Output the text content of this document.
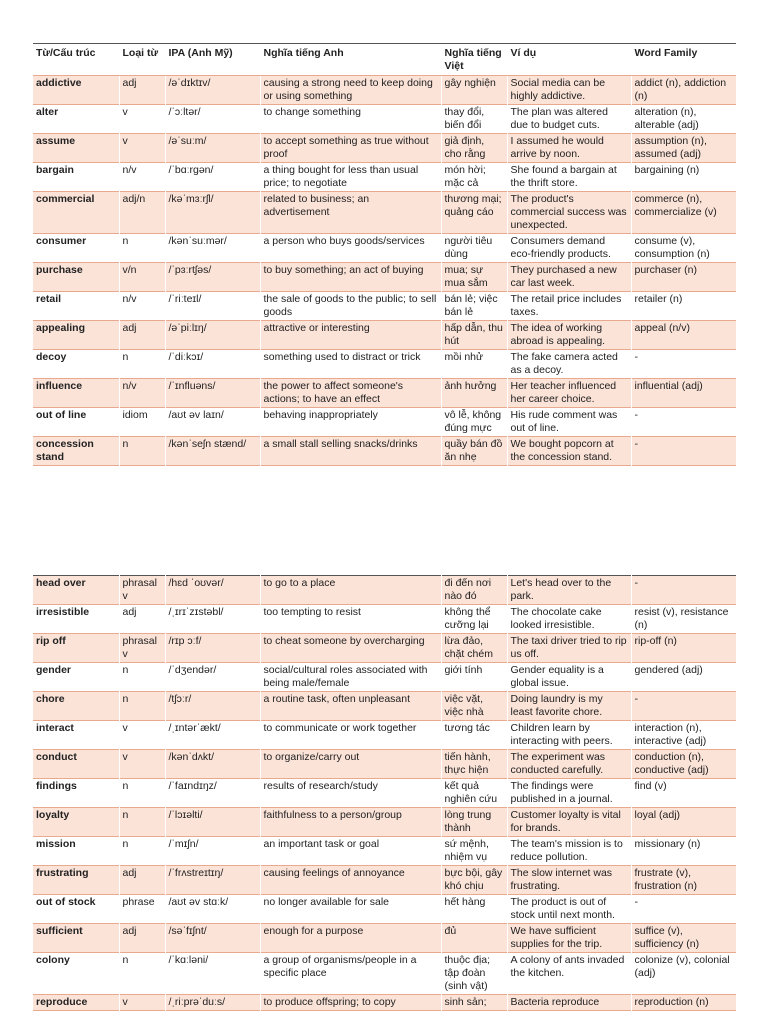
Từ/Cấu trúc	Loại từ	IPA (Anh Mỹ)	Nghĩa tiếng Anh	Nghĩa tiếng Việt	Ví dụ	Word Family
addictive	adj	/əˈdɪktɪv/	causing a strong need to keep doing or using something	gây nghiện	Social media can be highly addictive.	addict (n), addiction (n)
alter	v	/ˈɔːltər/	to change something	thay đổi, biến đổi	The plan was altered due to budget cuts.	alteration (n), alterable (adj)
assume	v	/əˈsuːm/	to accept something as true without proof	giả định, cho rằng	I assumed he would arrive by noon.	assumption (n), assumed (adj)
bargain	n/v	/ˈbɑːrgən/	a thing bought for less than usual price; to negotiate	món hời; mặc cả	She found a bargain at the thrift store.	bargaining (n)
commercial	adj/n	/kəˈmɜːrʃl/	related to business; an advertisement	thương mại; quảng cáo	The product's commercial success was unexpected.	commerce (n), commercialize (v)
consumer	n	/kənˈsuːmər/	a person who buys goods/services	người tiêu dùng	Consumers demand eco-friendly products.	consume (v), consumption (n)
purchase	v/n	/ˈpɜːrtʃəs/	to buy something; an act of buying	mua; sự mua sắm	They purchased a new car last week.	purchaser (n)
retail	n/v	/ˈriːteɪl/	the sale of goods to the public; to sell goods	bán lẻ; việc bán lẻ	The retail price includes taxes.	retailer (n)
appealing	adj	/əˈpiːlɪŋ/	attractive or interesting	hấp dẫn, thu hút	The idea of working abroad is appealing.	appeal (n/v)
decoy	n	/ˈdiːkɔɪ/	something used to distract or trick	mồi nhử	The fake camera acted as a decoy.	-
influence	n/v	/ˈɪnfluəns/	the power to affect someone's actions; to have an effect	ảnh hưởng	Her teacher influenced her career choice.	influential (adj)
out of line	idiom	/aʊt əv laɪn/	behaving inappropriately	vô lễ, không đúng mực	His rude comment was out of line.	-
concession stand	n	/kənˈseʃn stænd/	a small stall selling snacks/drinks	quầy bán đồ ăn nhẹ	We bought popcorn at the concession stand.	-
head over	phrasal v	/hɛd ˈoʊvər/	to go to a place	đi đến nơi nào đó	Let's head over to the park.	-
irresistible	adj	/ˌɪrɪˈzɪstəbl/	too tempting to resist	không thể cưỡng lại	The chocolate cake looked irresistible.	resist (v), resistance (n)
rip off	phrasal v	/rɪp ɔːf/	to cheat someone by overcharging	lừa đảo, chặt chém	The taxi driver tried to rip us off.	rip-off (n)
gender	n	/ˈdʒendər/	social/cultural roles associated with being male/female	giới tính	Gender equality is a global issue.	gendered (adj)
chore	n	/tʃɔːr/	a routine task, often unpleasant	việc vặt, việc nhà	Doing laundry is my least favorite chore.	-
interact	v	/ˌɪntərˈækt/	to communicate or work together	tương tác	Children learn by interacting with peers.	interaction (n), interactive (adj)
conduct	v	/kənˈdʌkt/	to organize/carry out	tiến hành, thực hiện	The experiment was conducted carefully.	conduction (n), conductive (adj)
findings	n	/ˈfaɪndɪŋz/	results of research/study	kết quả nghiên cứu	The findings were published in a journal.	find (v)
loyalty	n	/ˈlɔɪəlti/	faithfulness to a person/group	lòng trung thành	Customer loyalty is vital for brands.	loyal (adj)
mission	n	/ˈmɪʃn/	an important task or goal	sứ mệnh, nhiệm vụ	The team's mission is to reduce pollution.	missionary (n)
frustrating	adj	/ˈfrʌstreɪtɪŋ/	causing feelings of annoyance	bực bội, gây khó chịu	The slow internet was frustrating.	frustrate (v), frustration (n)
out of stock	phrase	/aʊt əv stɑːk/	no longer available for sale	hết hàng	The product is out of stock until next month.	-
sufficient	adj	/səˈfɪʃnt/	enough for a purpose	đủ	We have sufficient supplies for the trip.	suffice (v), sufficiency (n)
colony	n	/ˈkɑːləni/	a group of organisms/people in a specific place	thuộc địa; tập đoàn (sinh vật)	A colony of ants invaded the kitchen.	colonize (v), colonial (adj)
reproduce	v	/ˌriːprəˈduːs/	to produce offspring; to copy	sinh sản;	Bacteria reproduce	reproduction (n)
